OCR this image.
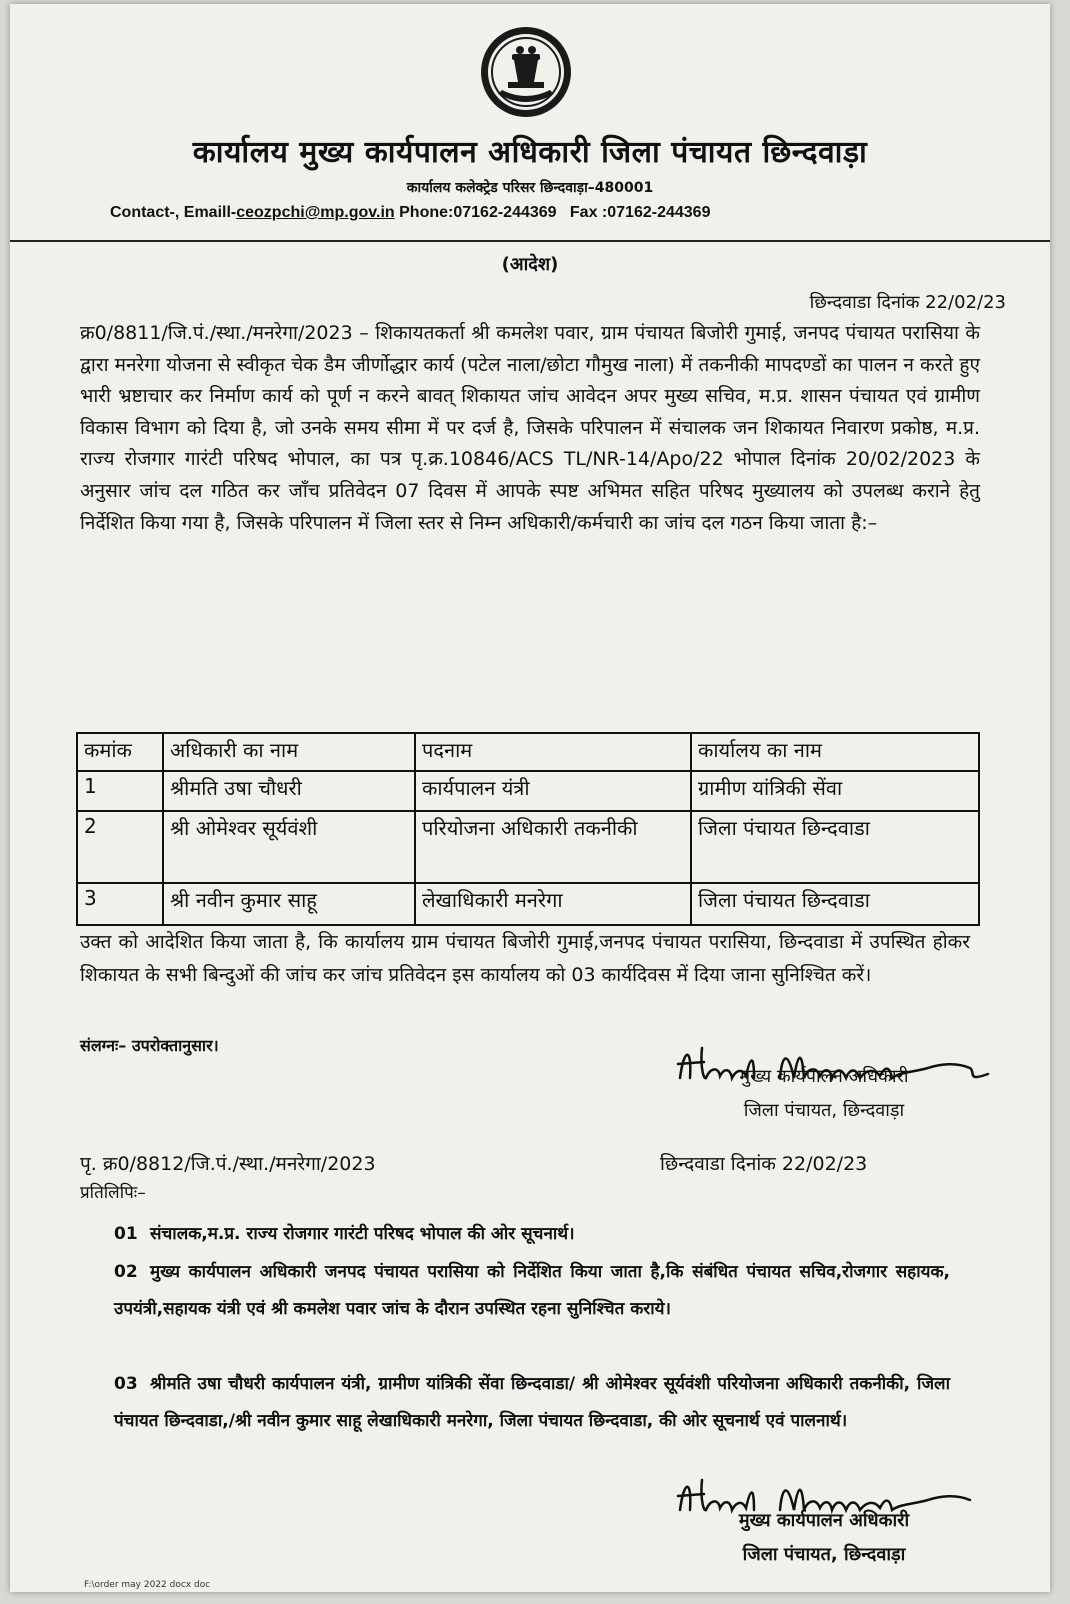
कार्यालय मुख्य कार्यपालन अधिकारी जिला पंचायत छिन्दवाड़ा
कार्यालय कलेक्ट्रेड परिसर छिन्दवाड़ा–480001
Contact-, Emaill-ceozpchi@mp.gov.in Phone:07162-244369 Fax :07162-244369
(आदेश)
छिन्दवाडा दिनांक 22/02/23
क्र0/8811/जि.पं./स्था./मनरेगा/2023 – शिकायतकर्ता श्री कमलेश पवार, ग्राम पंचायत बिजोरी गुमाई, जनपद पंचायत परासिया के द्वारा मनरेगा योजना से स्वीकृत चेक डैम जीर्णोद्धार कार्य (पटेल नाला/छोटा गौमुख नाला) में तकनीकी मापदण्डों का पालन न करते हुए भारी भ्रष्टाचार कर निर्माण कार्य को पूर्ण न करने बावत् शिकायत जांच आवेदन अपर मुख्य सचिव, म.प्र. शासन पंचायत एवं ग्रामीण विकास विभाग को दिया है, जो उनके समय सीमा में पर दर्ज है, जिसके परिपालन में संचालक जन शिकायत निवारण प्रकोष्ठ, म.प्र. राज्य रोजगार गारंटी परिषद भोपाल, का पत्र पृ.क्र.10846/ACS TL/NR-14/Apo/22 भोपाल दिनांक 20/02/2023 के अनुसार जांच दल गठित कर जाँच प्रतिवेदन 07 दिवस में आपके स्पष्ट अभिमत सहित परिषद मुख्यालय को उपलब्ध कराने हेतु निर्देशित किया गया है, जिसके परिपालन में जिला स्तर से निम्न अधिकारी/कर्मचारी का जांच दल गठन किया जाता है:–
कमांक	अधिकारी का नाम	पदनाम	कार्यालय का नाम
1	श्रीमति उषा चौधरी	कार्यपालन यंत्री	ग्रामीण यांत्रिकी सेंवा
2	श्री ओमेश्वर सूर्यवंशी	परियोजना अधिकारी तकनीकी	जिला पंचायत छिन्दवाडा
3	श्री नवीन कुमार साहू	लेखाधिकारी मनरेगा	जिला पंचायत छिन्दवाडा
उक्त को आदेशित किया जाता है, कि कार्यालय ग्राम पंचायत बिजोरी गुमाई,जनपद पंचायत परासिया, छिन्दवाडा में उपस्थित होकर शिकायत के सभी बिन्दुओं की जांच कर जांच प्रतिवेदन इस कार्यालय को 03 कार्यदिवस में दिया जाना सुनिश्चित करें।
संलग्नः– उपरोक्तानुसार।
मुख्य कार्यपालन अधिकारी
जिला पंचायत, छिन्दवाड़ा
पृ. क्र0/8812/जि.पं./स्था./मनरेगा/2023	छिन्दवाडा दिनांक 22/02/23
प्रतिलिपिः–
01 संचालक,म.प्र. राज्य रोजगार गारंटी परिषद भोपाल की ओर सूचनार्थ।
02 मुख्य कार्यपालन अधिकारी जनपद पंचायत परासिया को निर्देशित किया जाता है,कि संबंधित पंचायत सचिव,रोजगार सहायक, उपयंत्री,सहायक यंत्री एवं श्री कमलेश पवार जांच के दौरान उपस्थित रहना सुनिश्चित कराये।
03 श्रीमति उषा चौधरी कार्यपालन यंत्री, ग्रामीण यांत्रिकी सेंवा छिन्दवाडा/ श्री ओमेश्वर सूर्यवंशी परियोजना अधिकारी तकनीकी, जिला पंचायत छिन्दवाडा,/श्री नवीन कुमार साहू लेखाधिकारी मनरेगा, जिला पंचायत छिन्दवाडा, की ओर सूचनार्थ एवं पालनार्थ।
मुख्य कार्यपालन अधिकारी
जिला पंचायत, छिन्दवाड़ा
F:\order may 2022 docx doc
